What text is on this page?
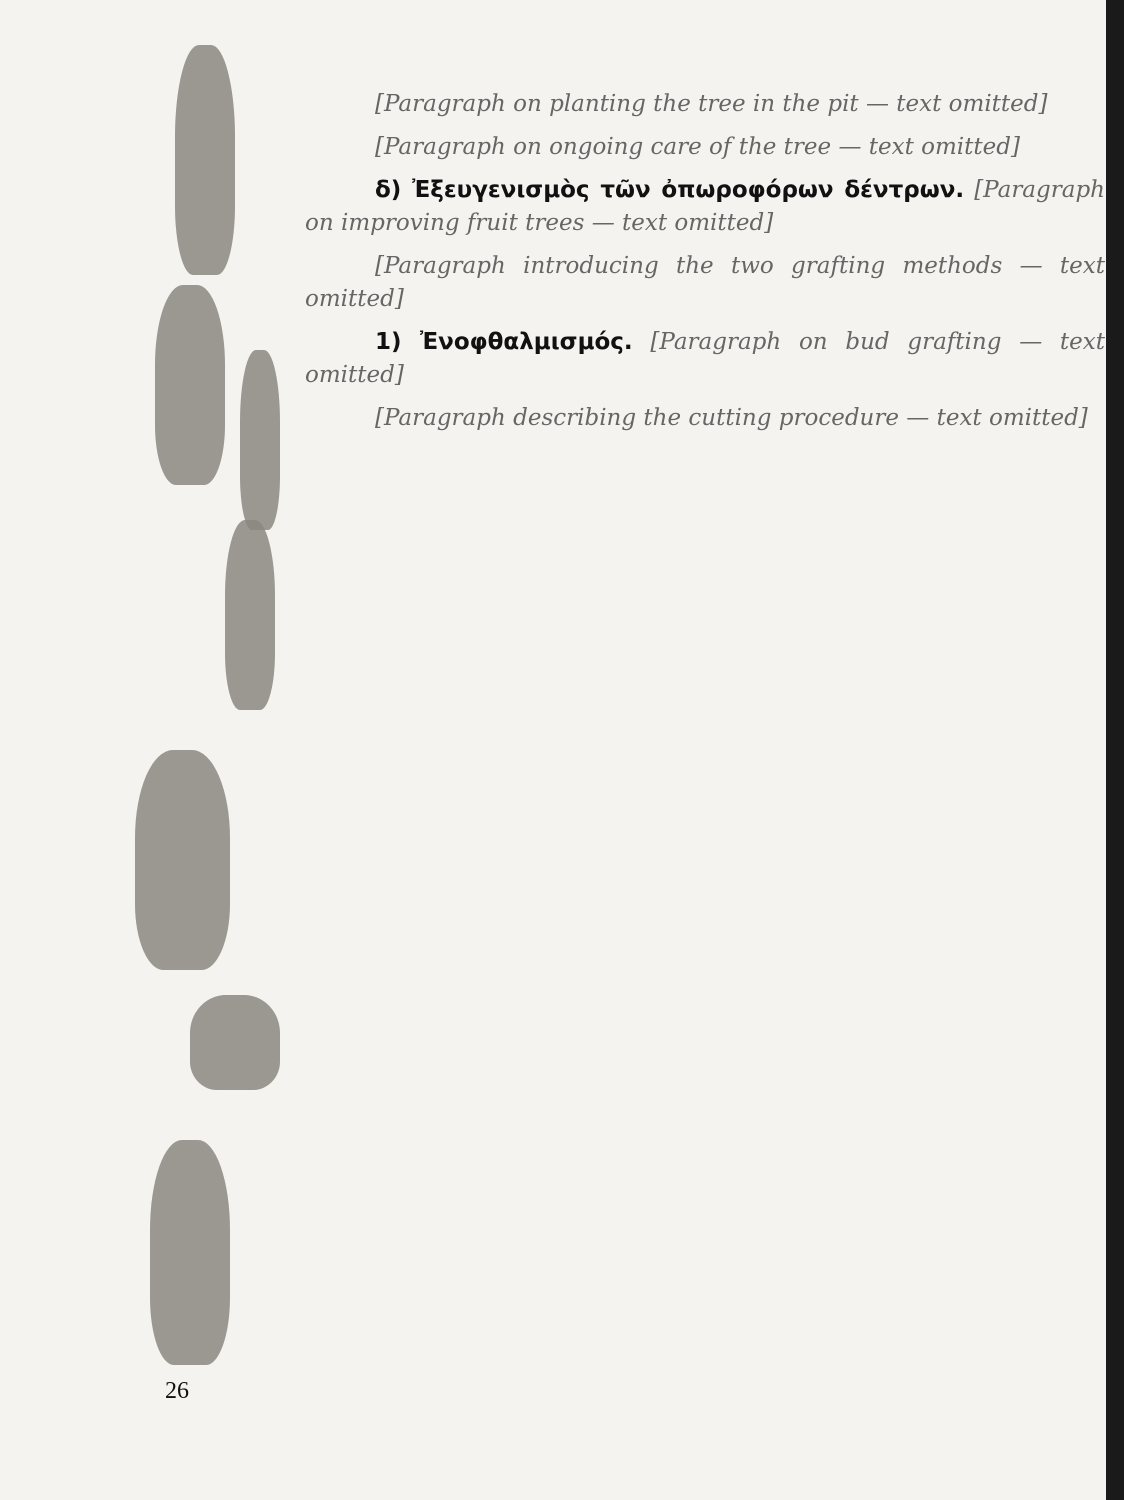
[Paragraph on planting the tree in the pit — text omitted]

[Paragraph on ongoing care of the tree — text omitted]

δ) Ἐξευγενισμὸς τῶν ὀπωροφόρων δέντρων. [Paragraph on improving fruit trees — text omitted]

[Paragraph introducing the two grafting methods — text omitted]

1) Ἐνοφθαλμισμός. [Paragraph on bud grafting — text omitted]

[Paragraph describing the cutting procedure — text omitted]

26
